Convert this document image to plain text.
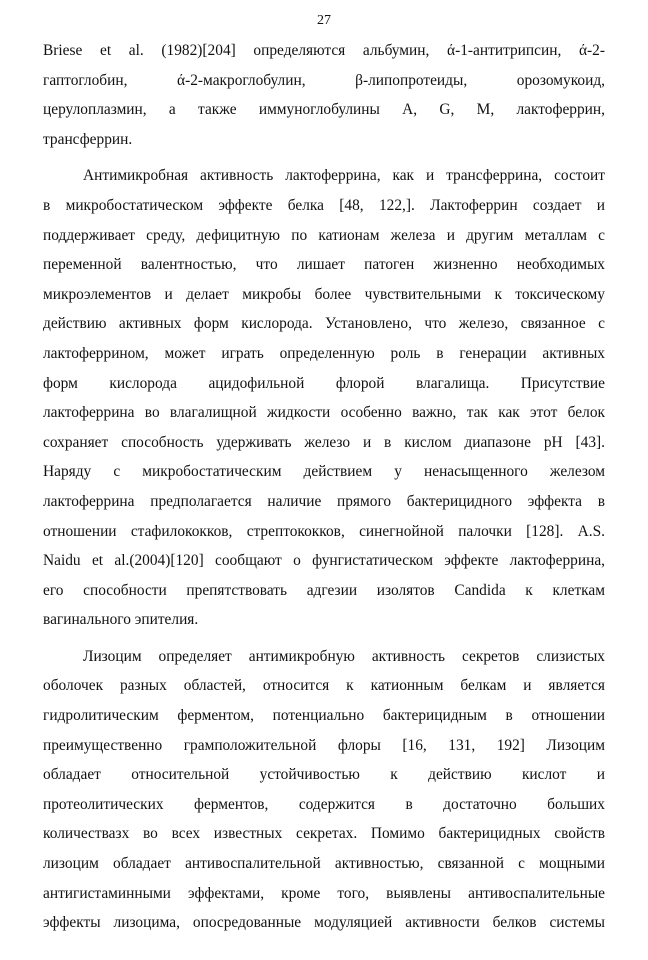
27
Briese et al. (1982)[204] определяются альбумин, ά-1-антитрипсин, ά-2-
гаптоглобин, ά-2-макроглобулин, β-липопротеиды, орозомукоид,
церулоплазмин, а также иммуноглобулины A, G, M, лактоферрин,
трансферрин.
Антимикробная активность лактоферрина, как и трансферрина, состоит
в микробостатическом эффекте белка [48, 122,]. Лактоферрин создает и
поддерживает среду, дефицитную по катионам железа и другим металлам с
переменной валентностью, что лишает патоген жизненно необходимых
микроэлементов и делает микробы более чувствительными к токсическому
действию активных форм кислорода. Установлено, что железо, связанное с
лактоферрином, может играть определенную роль в генерации активных
форм кислорода ацидофильной флорой влагалища. Присутствие
лактоферрина во влагалищной жидкости особенно важно, так как этот белок
сохраняет способность удерживать железо и в кислом диапазоне pH [43].
Наряду с микробостатическим действием у ненасыщенного железом
лактоферрина предполагается наличие прямого бактерицидного эффекта в
отношении стафилококков, стрептококков, синегнойной палочки [128]. A.S.
Naidu et al.(2004)[120] сообщают о фунгистатическом эффекте лактоферрина,
его способности препятствовать адгезии изолятов Candida к клеткам
вагинального эпителия.
Лизоцим определяет антимикробную активность секретов слизистых
оболочек разных областей, относится к катионным белкам и является
гидролитическим ферментом, потенциально бактерицидным в отношении
преимущественно грамположительной флоры [16, 131, 192] Лизоцим
обладает относительной устойчивостью к действию кислот и
протеолитических ферментов, содержится в достаточно больших
количествазх во всех известных секретах. Помимо бактерицидных свойств
лизоцим обладает антивоспалительной активностью, связанной с мощными
антигистаминными эффектами, кроме того, выявлены антивоспалительные
эффекты лизоцима, опосредованные модуляцией активности белков системы
